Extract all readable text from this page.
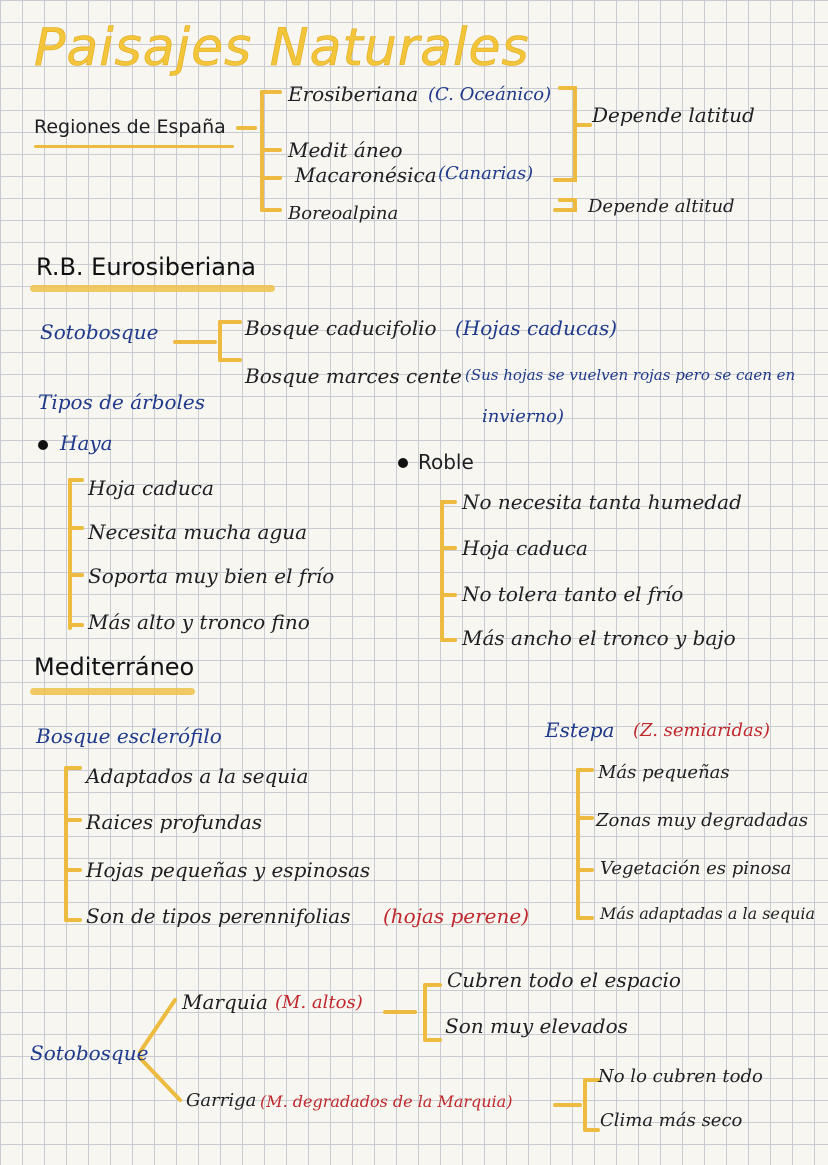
Paisajes Naturales
Regiones de España
Erosiberiana (C. Oceánico)
Medit áneo
Macaronésica (Canarias)
Boreoalpina
Depende latitud
Depende altitud
R.B. Eurosiberiana
Sotobosque
Tipos de árboles
Bosque caducifolio (Hojas caducas)
Bosque marces cente (Sus hojas se vuelven rojas pero se caen en
invierno)
Haya
Hoja caduca
Necesita mucha agua
Soporta muy bien el frío
Más alto y tronco fino
Roble
No necesita tanta humedad
Hoja caduca
No tolera tanto el frío
Más ancho el tronco y bajo
Mediterráneo
Bosque esclerófilo
Adaptados a la sequia
Raices profundas
Hojas pequeñas y espinosas
Son de tipos perennifolias (hojas perene)
Estepa (Z. semiaridas)
Más pequeñas
Zonas muy degradadas
Vegetación es pinosa
Más adaptadas a la sequia
Sotobosque
Marquia (M. altos)
Cubren todo el espacio
Son muy elevados
Garriga (M. degradados de la Marquia)
No lo cubren todo
Clima más seco
